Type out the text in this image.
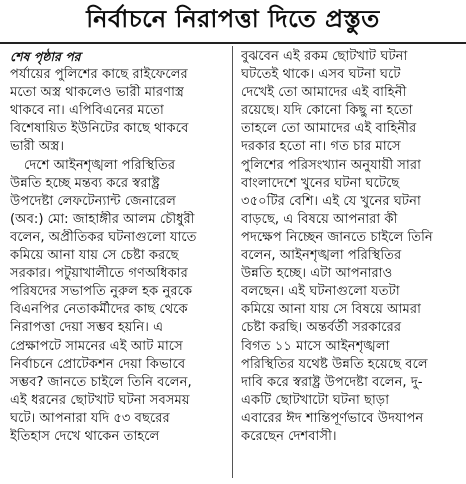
নির্বাচনে নিরাপত্তা দিতে প্রস্তুত
শেষ পৃষ্ঠার পর
পর্যায়ের পুলিশের কাছে রাইফেলের
মতো অস্ত্র থাকলেও ভারী মারণাস্ত্র
থাকবে না। এপিবিএনের মতো
বিশেষায়িত ইউনিটের কাছে থাকবে
ভারী অস্ত্র।
দেশে আইনশৃঙ্খলা পরিস্থিতির
উন্নতি হচ্ছে মন্তব্য করে স্বরাষ্ট্র
উপদেষ্টা লেফটেন্যান্ট জেনারেল
(অব:) মো: জাহাঙ্গীর আলম চৌধুরী
বলেন, অপ্রীতিকর ঘটনাগুলো যাতে
কমিয়ে আনা যায় সে চেষ্টা করছে
সরকার। পটুয়াখালীতে গণঅধিকার
পরিষদের সভাপতি নুরুল হক নুরকে
বিএনপির নেতাকর্মীদের কাছ থেকে
নিরাপত্তা দেয়া সম্ভব হয়নি। এ
প্রেক্ষাপটে সামনের এই আট মাসে
নির্বাচনে প্রোটেকশন দেয়া কিভাবে
সম্ভব? জানতে চাইলে তিনি বলেন,
এই ধরনের ছোটখাট ঘটনা সবসময়
ঘটে। আপনারা যদি ৫৩ বছরের
ইতিহাস দেখে থাকেন তাহলে
বুঝবেন এই রকম ছোটখাট ঘটনা
ঘটতেই থাকে। এসব ঘটনা ঘটে
দেখেই তো আমাদের এই বাহিনী
রয়েছে। যদি কোনো কিছু না হতো
তাহলে তো আমাদের এই বাহিনীর
দরকার হতো না। গত চার মাসে
পুলিশের পরিসংখ্যান অনুযায়ী সারা
বাংলাদেশে খুনের ঘটনা ঘটেছে
৩৫০টির বেশি। এই যে খুনের ঘটনা
বাড়ছে, এ বিষয়ে আপনারা কী
পদক্ষেপ নিচ্ছেন জানতে চাইলে তিনি
বলেন, আইনশৃঙ্খলা পরিস্থিতির
উন্নতি হচ্ছে। এটা আপনারাও
বলছেন। এই ঘটনাগুলো যতটা
কমিয়ে আনা যায় সে বিষয়ে আমরা
চেষ্টা করছি। অন্তর্বর্তী সরকারের
বিগত ১১ মাসে আইনশৃঙ্খলা
পরিস্থিতির যথেষ্ট উন্নতি হয়েছে বলে
দাবি করে স্বরাষ্ট্র উপদেষ্টা বলেন, দু-
একটি ছোটখাটো ঘটনা ছাড়া
এবারের ঈদ শান্তিপূর্ণভাবে উদযাপন
করেছেন দেশবাসী।
